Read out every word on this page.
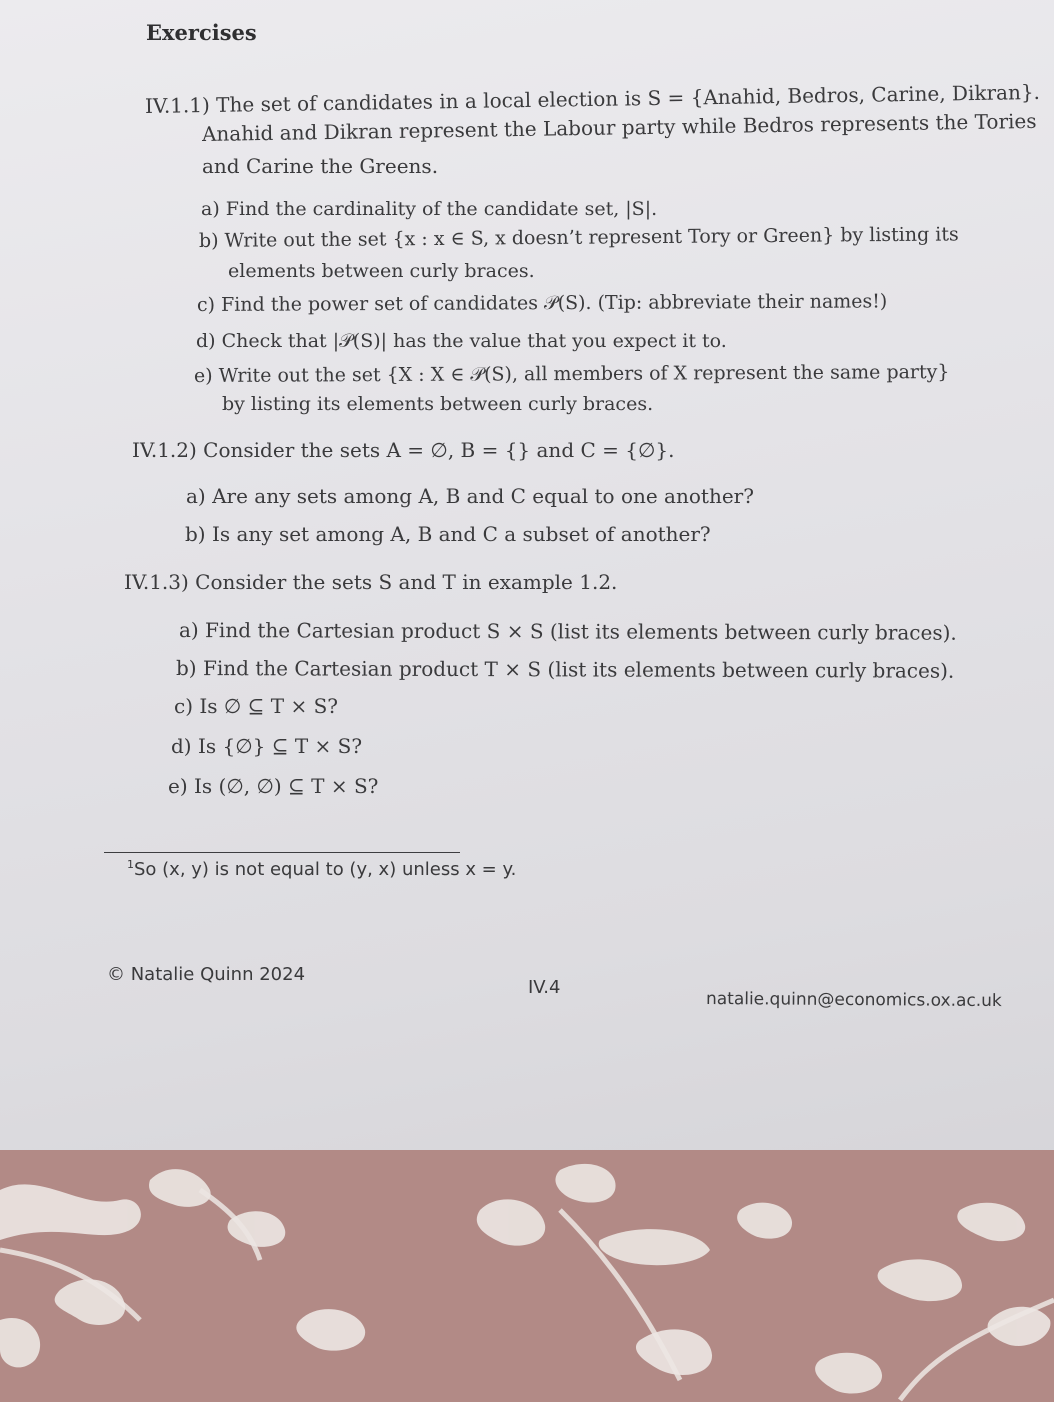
Exercises
IV.1.1) The set of candidates in a local election is S = {Anahid, Bedros, Carine, Dikran}.
Anahid and Dikran represent the Labour party while Bedros represents the Tories
and Carine the Greens.
a) Find the cardinality of the candidate set, |S|.
b) Write out the set {x : x ∈ S, x doesn’t represent Tory or Green} by listing its
elements between curly braces.
c) Find the power set of candidates 𝒫(S). (Tip: abbreviate their names!)
d) Check that |𝒫(S)| has the value that you expect it to.
e) Write out the set {X : X ∈ 𝒫(S), all members of X represent the same party}
by listing its elements between curly braces.
IV.1.2) Consider the sets A = ∅, B = {} and C = {∅}.
a) Are any sets among A, B and C equal to one another?
b) Is any set among A, B and C a subset of another?
IV.1.3) Consider the sets S and T in example 1.2.
a) Find the Cartesian product S × S (list its elements between curly braces).
b) Find the Cartesian product T × S (list its elements between curly braces).
c) Is ∅ ⊆ T × S?
d) Is {∅} ⊆ T × S?
e) Is (∅, ∅) ⊆ T × S?
$^1$So (x, y) is not equal to (y, x) unless x = y.
© Natalie Quinn 2024
IV.4
natalie.quinn@economics.ox.ac.uk
